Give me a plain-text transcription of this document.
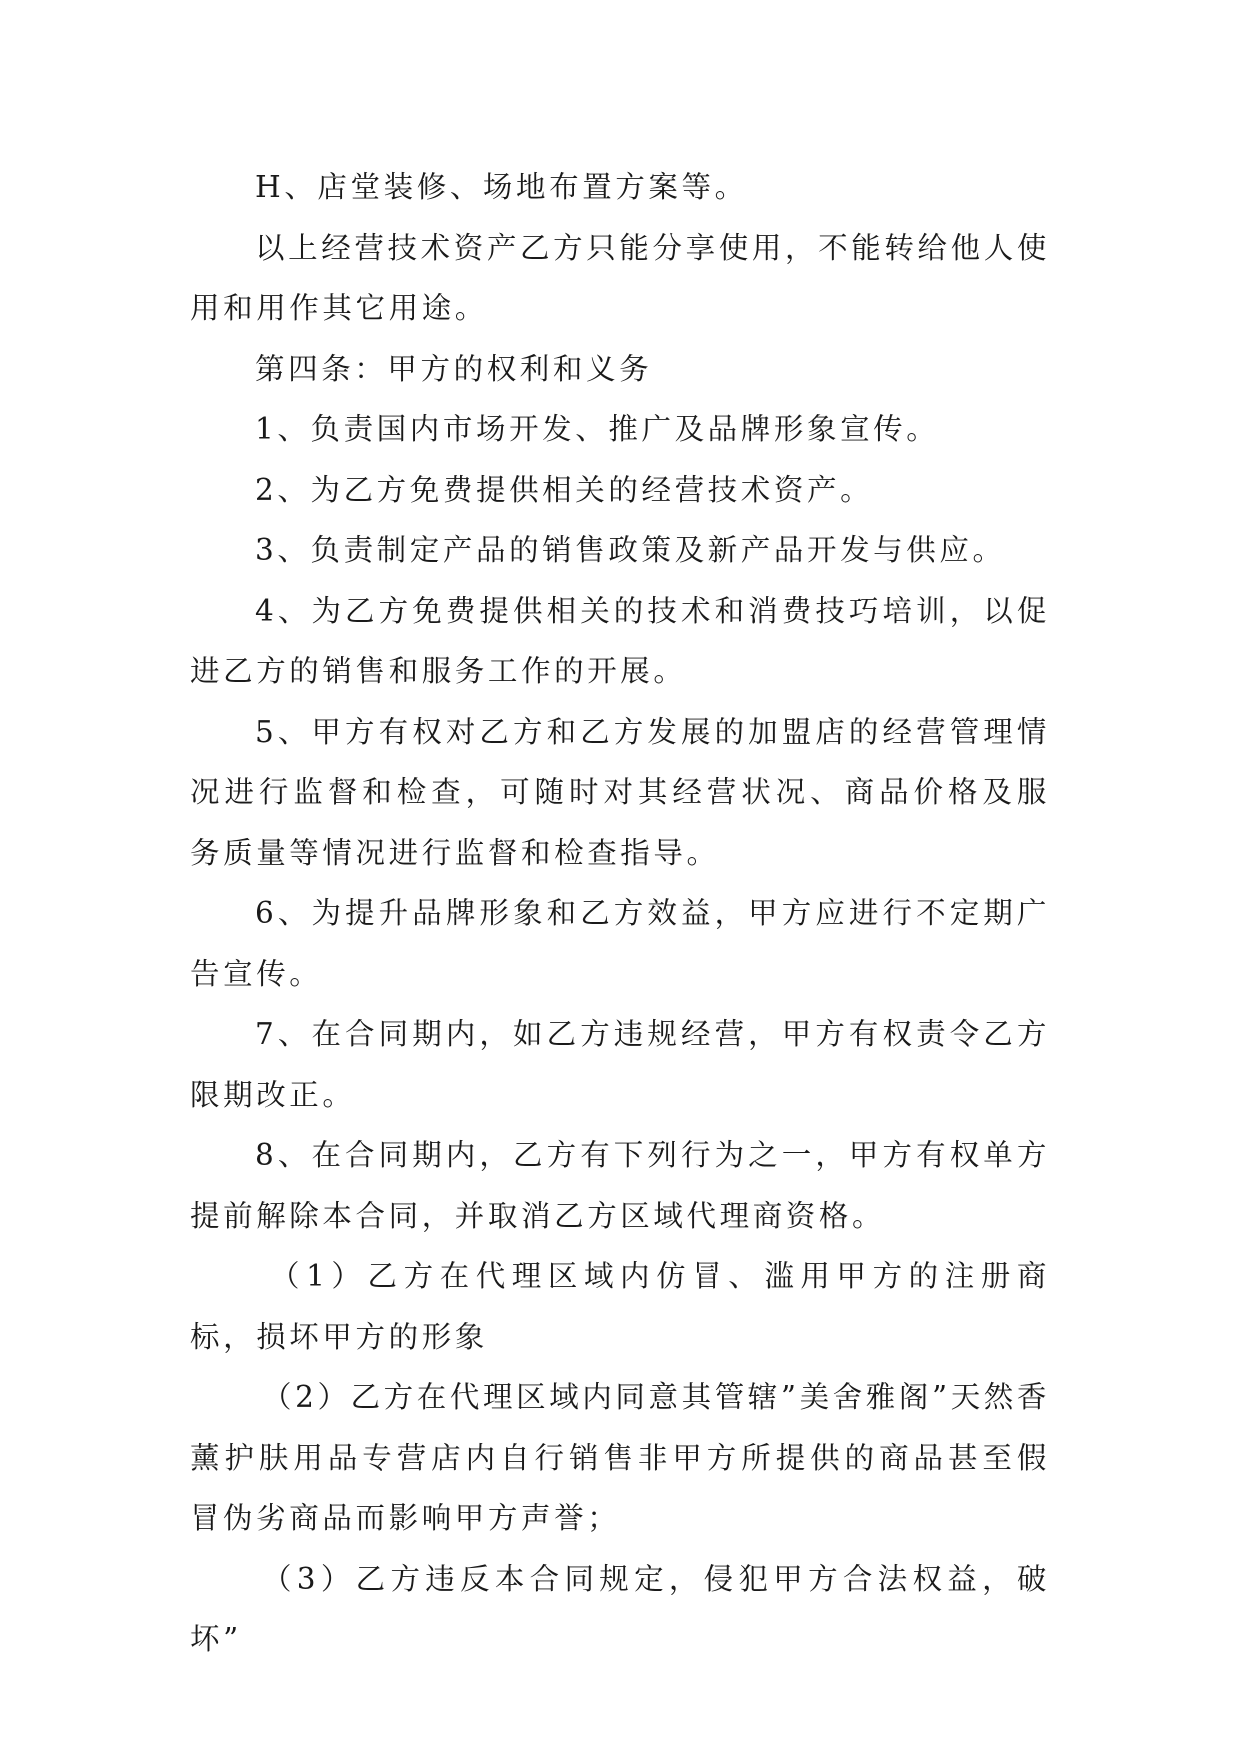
H、店堂装修、场地布置方案等。

以上经营技术资产乙方只能分享使用，不能转给他人使用和用作其它用途。

第四条：甲方的权利和义务

1、负责国内市场开发、推广及品牌形象宣传。

2、为乙方免费提供相关的经营技术资产。

3、负责制定产品的销售政策及新产品开发与供应。

4、为乙方免费提供相关的技术和消费技巧培训，以促进乙方的销售和服务工作的开展。

5、甲方有权对乙方和乙方发展的加盟店的经营管理情况进行监督和检查，可随时对其经营状况、商品价格及服务质量等情况进行监督和检查指导。

6、为提升品牌形象和乙方效益，甲方应进行不定期广告宣传。

7、在合同期内，如乙方违规经营，甲方有权责令乙方限期改正。

8、在合同期内，乙方有下列行为之一，甲方有权单方提前解除本合同，并取消乙方区域代理商资格。

（1）乙方在代理区域内仿冒、滥用甲方的注册商标，损坏甲方的形象

（2）乙方在代理区域内同意其管辖”美舍雅阁”天然香薰护肤用品专营店内自行销售非甲方所提供的商品甚至假冒伪劣商品而影响甲方声誉；

（3）乙方违反本合同规定，侵犯甲方合法权益，破坏”
